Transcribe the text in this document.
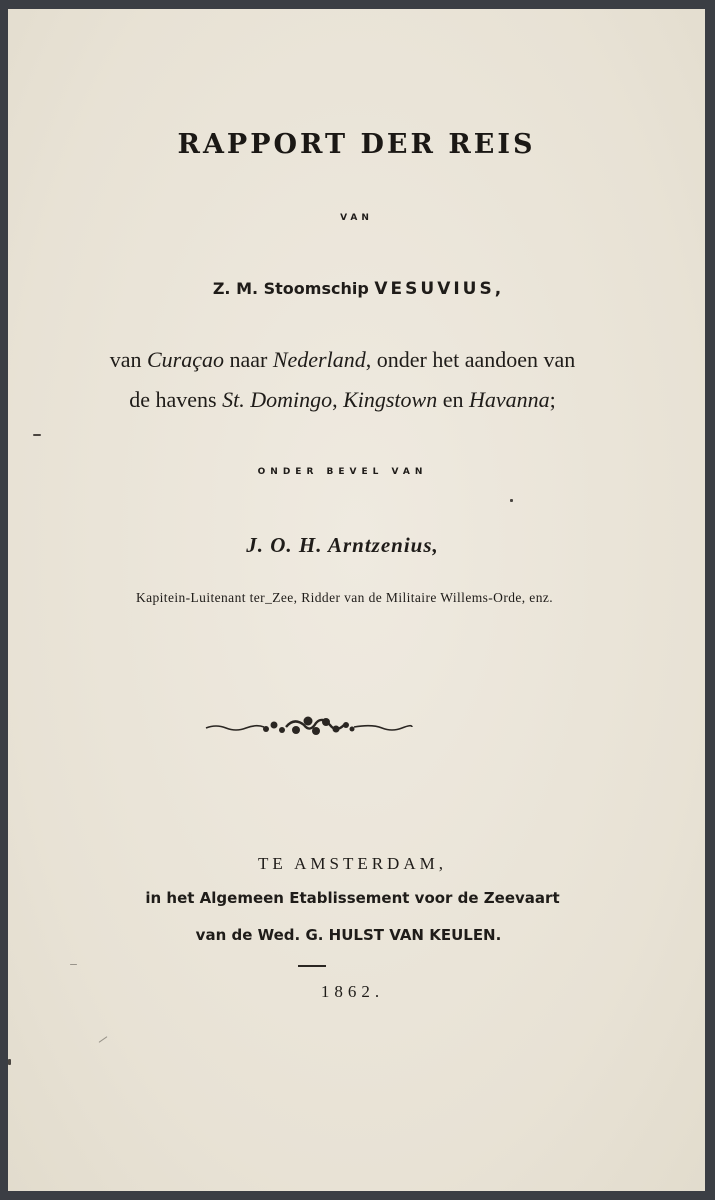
RAPPORT DER REIS
VAN
Z. M. Stoomschip VESUVIUS,
van Curaçao naar Nederland, onder het aandoen van
de havens St. Domingo, Kingstown en Havanna;
ONDER BEVEL VAN
J. O. H. Arntzenius,
Kapitein-Luitenant ter_Zee, Ridder van de Militaire Willems-Orde, enz.
TE AMSTERDAM,
in het Algemeen Etablissement voor de Zeevaart
van de Wed. G. HULST VAN KEULEN.
1862.
